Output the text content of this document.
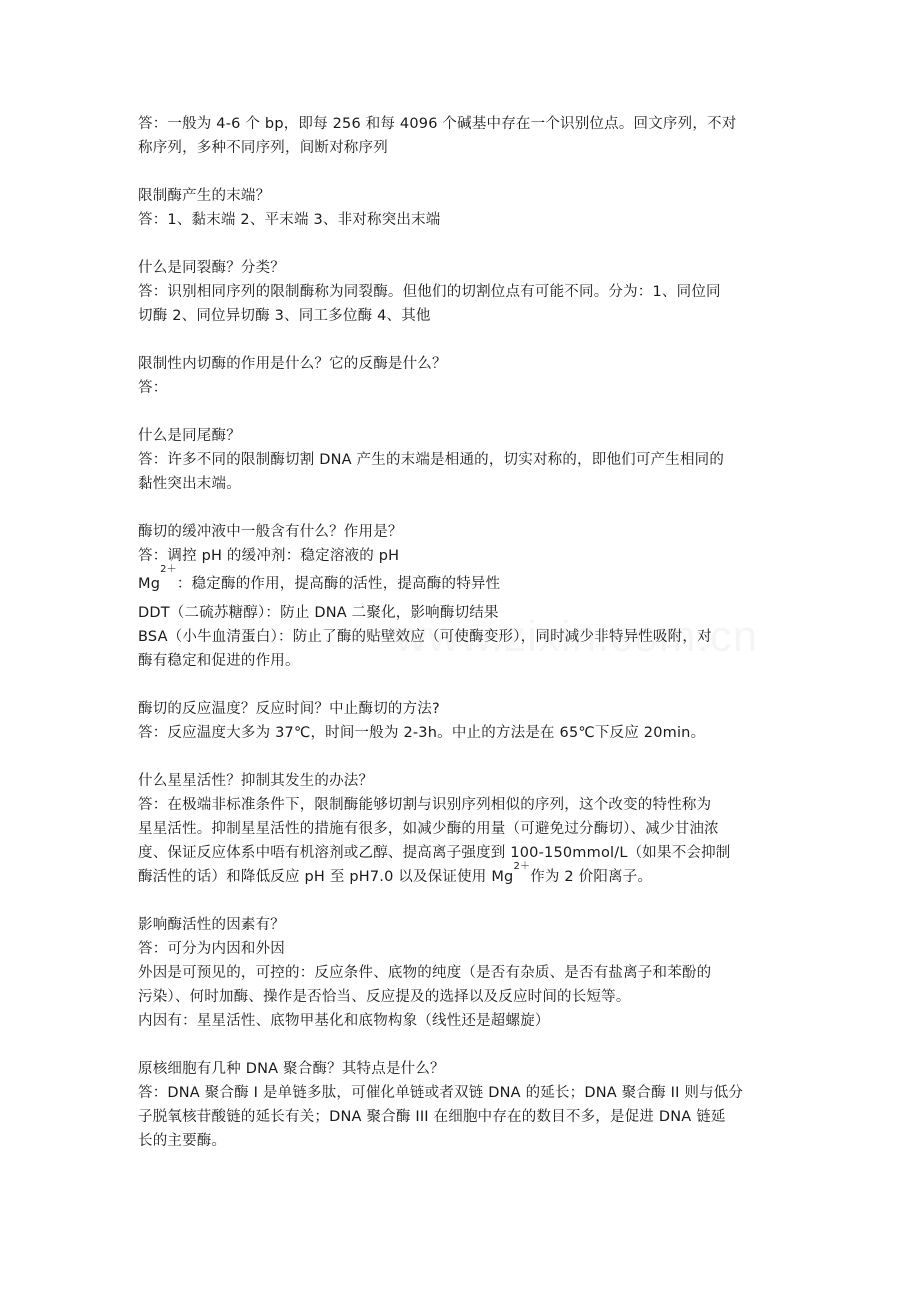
答：一般为 4-6 个 bp，即每 256 和每 4096 个碱基中存在一个识别位点。回文序列，不对
称序列，多种不同序列，间断对称序列
限制酶产生的末端？
答：1、黏末端 2、平末端 3、非对称突出末端
什么是同裂酶？分类？
答：识别相同序列的限制酶称为同裂酶。但他们的切割位点有可能不同。分为：1、同位同
切酶 2、同位异切酶 3、同工多位酶 4、其他
限制性内切酶的作用是什么？它的反酶是什么？
答：
什么是同尾酶？
答：许多不同的限制酶切割 DNA 产生的末端是相通的，切实对称的，即他们可产生相同的
黏性突出末端。
酶切的缓冲液中一般含有什么？作用是？
答：调控 pH 的缓冲剂：稳定溶液的 pH
$Mg^{2+}$：稳定酶的作用，提高酶的活性，提高酶的特异性
DDT（二硫苏糖醇）：防止 DNA 二聚化，影响酶切结果
BSA（小牛血清蛋白）：防止了酶的贴壁效应（可使酶变形），同时减少非特异性吸附，对
酶有稳定和促进的作用。
酶切的反应温度？反应时间？中止酶切的方法?
答：反应温度大多为 37℃，时间一般为 2-3h。中止的方法是在 65℃下反应 20min。
什么星星活性？抑制其发生的办法？
答：在极端非标准条件下，限制酶能够切割与识别序列相似的序列，这个改变的特性称为
星星活性。抑制星星活性的措施有很多，如减少酶的用量（可避免过分酶切）、减少甘油浓
度、保证反应体系中唔有机溶剂或乙醇、提高离子强度到 100-150mmol/L（如果不会抑制
酶活性的话）和降低反应 pH 至 pH7.0 以及保证使用 $Mg^{2+}$作为 2 价阳离子。
影响酶活性的因素有？
答：可分为内因和外因
外因是可预见的，可控的：反应条件、底物的纯度（是否有杂质、是否有盐离子和苯酚的
污染）、何时加酶、操作是否恰当、反应提及的选择以及反应时间的长短等。
内因有：星星活性、底物甲基化和底物构象（线性还是超螺旋）
原核细胞有几种 DNA 聚合酶？其特点是什么？
答：DNA 聚合酶 I 是单链多肽，可催化单链或者双链 DNA 的延长；DNA 聚合酶 II 则与低分
子脱氧核苷酸链的延长有关；DNA 聚合酶 III 在细胞中存在的数目不多，是促进 DNA 链延
长的主要酶。
